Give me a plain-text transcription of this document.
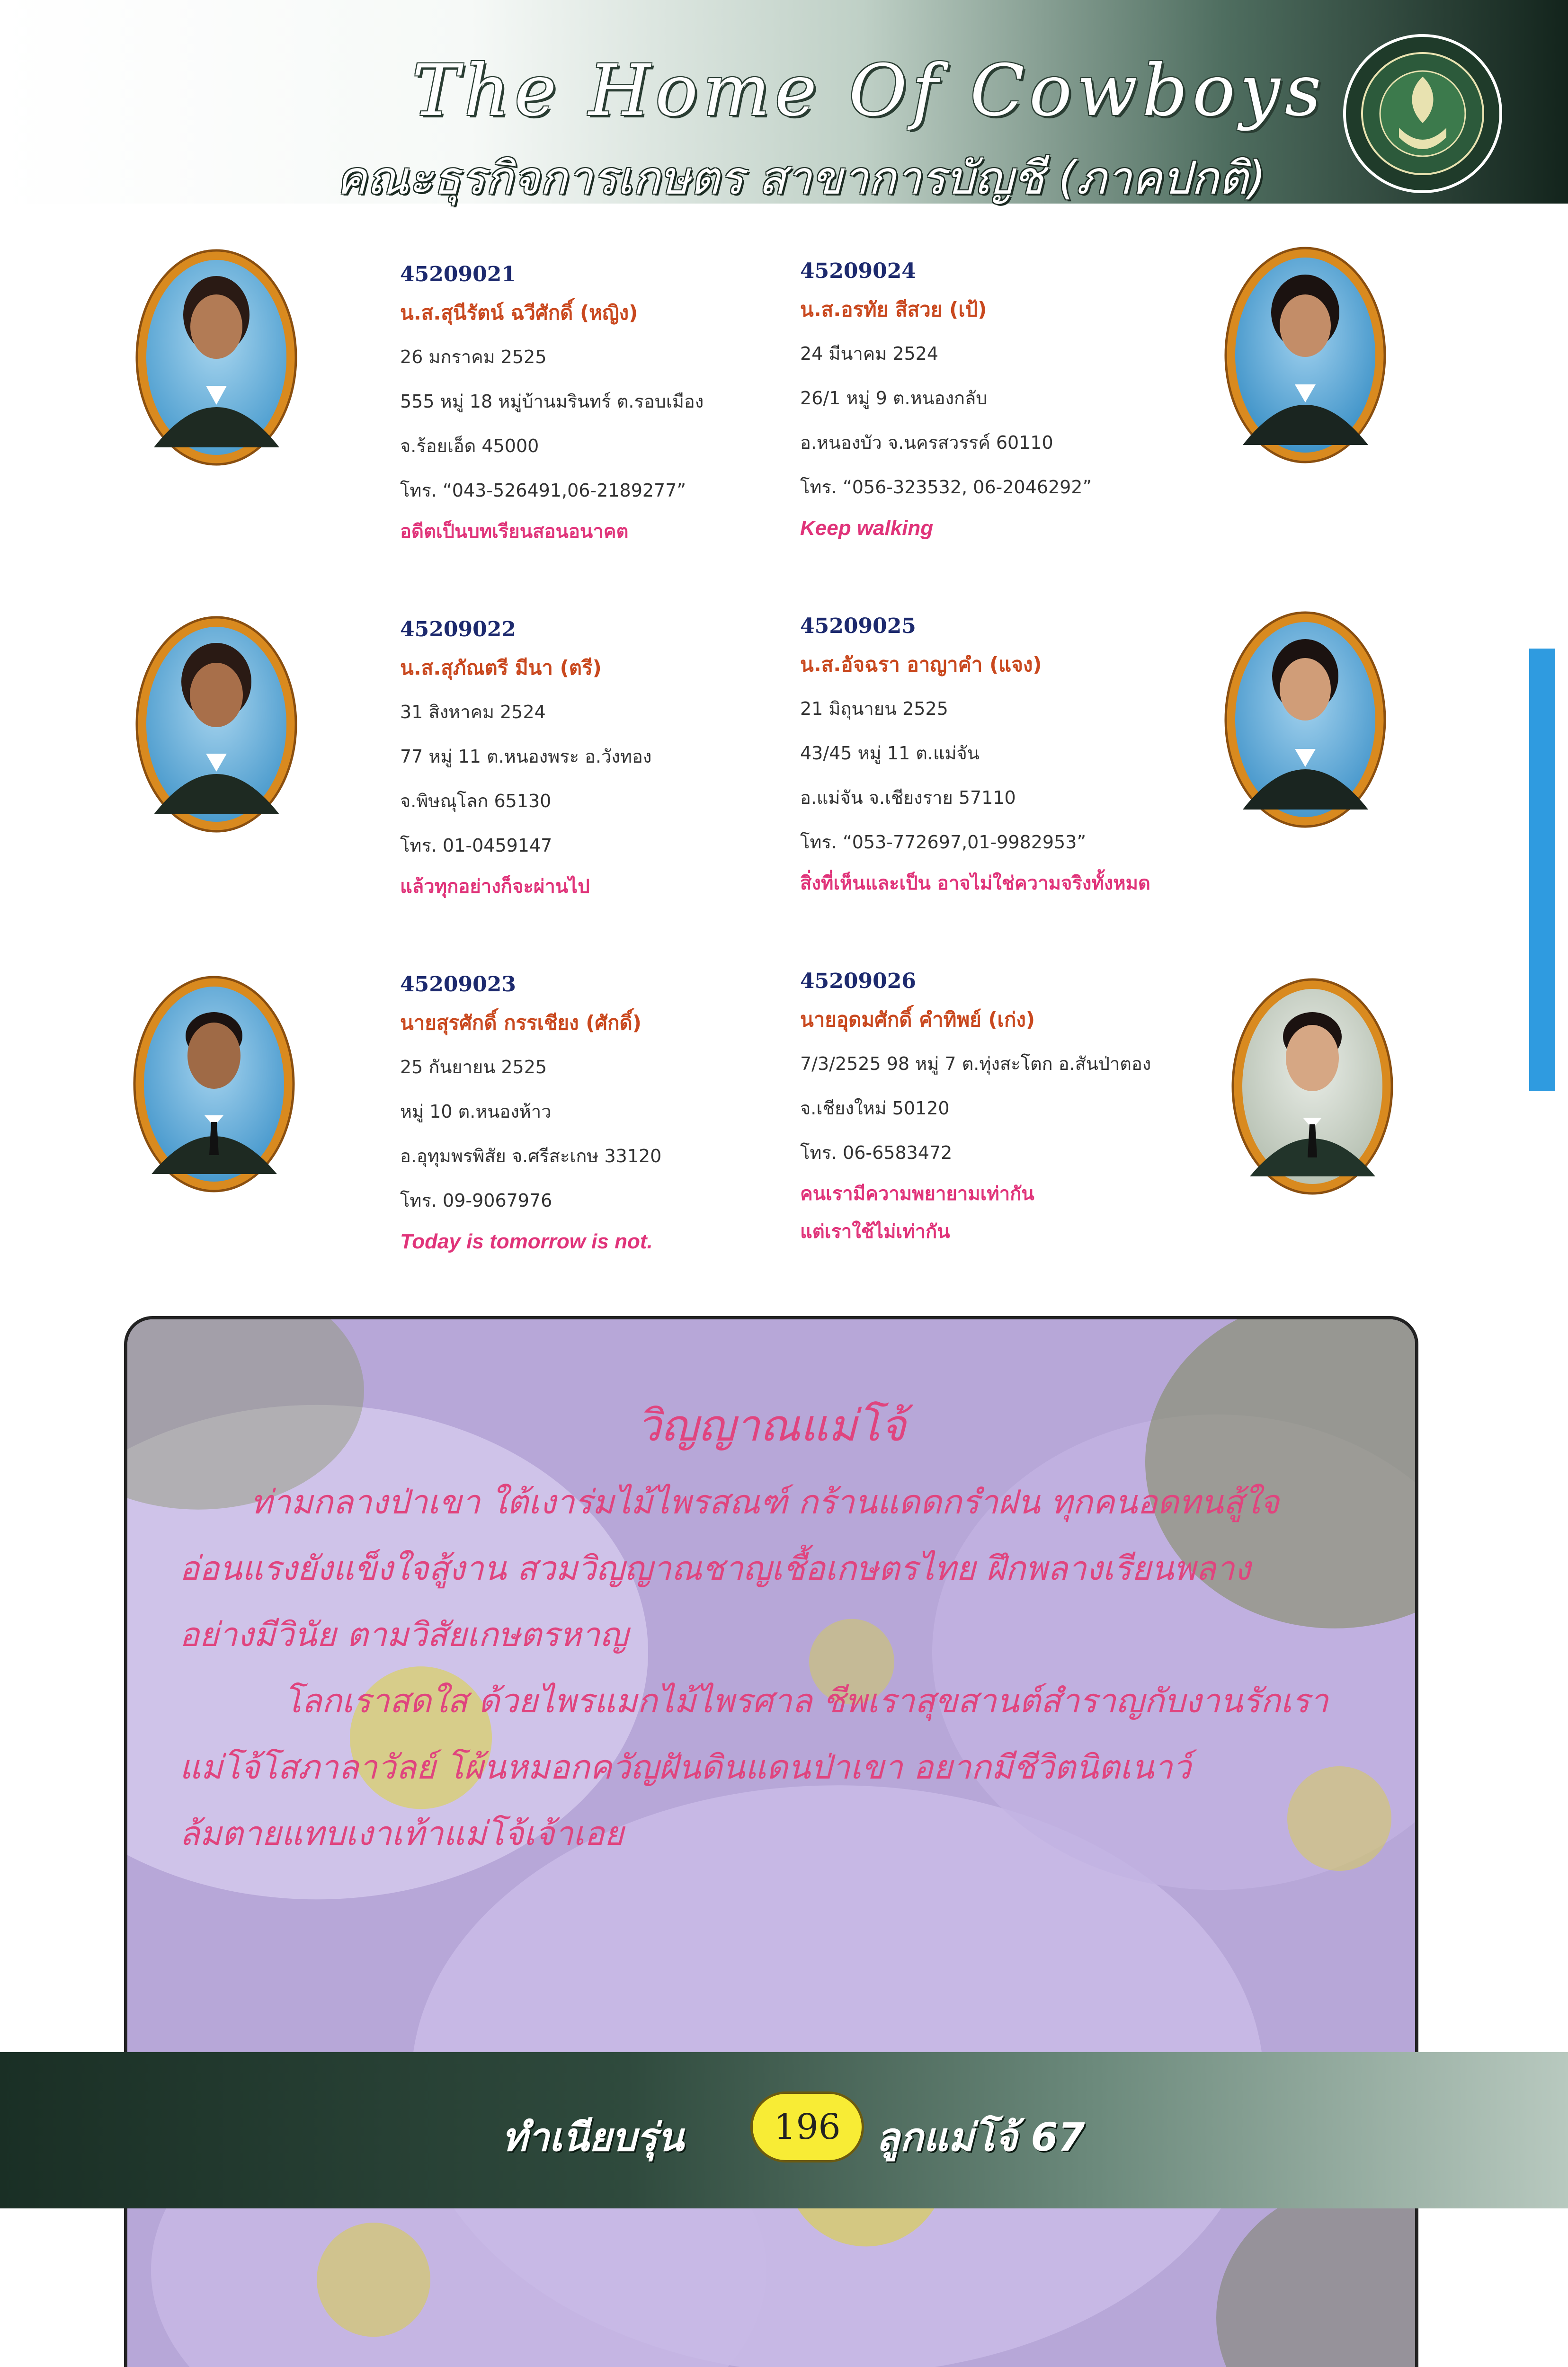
The Home Of Cowboys
คณะธุรกิจการเกษตร สาขาการบัญชี (ภาคปกติ)
45209021
น.ส.สุนีรัตน์ ฉวีศักดิ์ (หญิง)
26 มกราคม 2525
555 หมู่ 18 หมู่บ้านมรินทร์ ต.รอบเมือง
จ.ร้อยเอ็ด 45000
โทร. “043-526491,06-2189277”
อดีตเป็นบทเรียนสอนอนาคต
45209024
น.ส.อรทัย สีสวย (เป้)
24 มีนาคม 2524
26/1 หมู่ 9 ต.หนองกลับ
อ.หนองบัว จ.นครสวรรค์ 60110
โทร. “056-323532, 06-2046292”
Keep walking
45209022
น.ส.สุภัณตรี มีนา (ตรี)
31 สิงหาคม 2524
77 หมู่ 11 ต.หนองพระ อ.วังทอง
จ.พิษณุโลก 65130
โทร. 01-0459147
แล้วทุกอย่างก็จะผ่านไป
45209025
น.ส.อัจฉรา อาญาคำ (แจง)
21 มิถุนายน 2525
43/45 หมู่ 11 ต.แม่จัน
อ.แม่จัน จ.เชียงราย 57110
โทร. “053-772697,01-9982953”
สิ่งที่เห็นและเป็น อาจไม่ใช่ความจริงทั้งหมด
45209023
นายสุรศักดิ์ กรรเชียง (ศักดิ์)
25 กันยายน 2525
หมู่ 10 ต.หนองห้าว
อ.อุทุมพรพิสัย จ.ศรีสะเกษ 33120
โทร. 09-9067976
Today is tomorrow is not.
45209026
นายอุดมศักดิ์ คำทิพย์ (เก่ง)
7/3/2525 98 หมู่ 7 ต.ทุ่งสะโตก อ.สันป่าตอง
จ.เชียงใหม่ 50120
โทร. 06-6583472
คนเรามีความพยายามเท่ากัน
แต่เราใช้ไม่เท่ากัน
วิญญาณแม่โจ้
ท่ามกลางป่าเขา ใต้เงาร่มไม้ไพรสณฑ์ กร้านแดดกรำฝน ทุกคนอดทนสู้ใจ
อ่อนแรงยังแข็งใจสู้งาน สวมวิญญาณชาญเชื้อเกษตรไทย ฝึกพลางเรียนพลาง
อย่างมีวินัย ตามวิสัยเกษตรหาญ
โลกเราสดใส ด้วยไพรแมกไม้ไพรศาล ชีพเราสุขสานต์สำราญกับงานรักเรา
แม่โจ้โสภาลาวัลย์ โผ้นหมอกควัญฝันดินแดนป่าเขา อยากมีชีวิตนิตเนาว์
ล้มตายแทบเงาเท้าแม่โจ้เจ้าเอย
ทำเนียบรุ่น	196 ลูกแม่โจ้ 67
